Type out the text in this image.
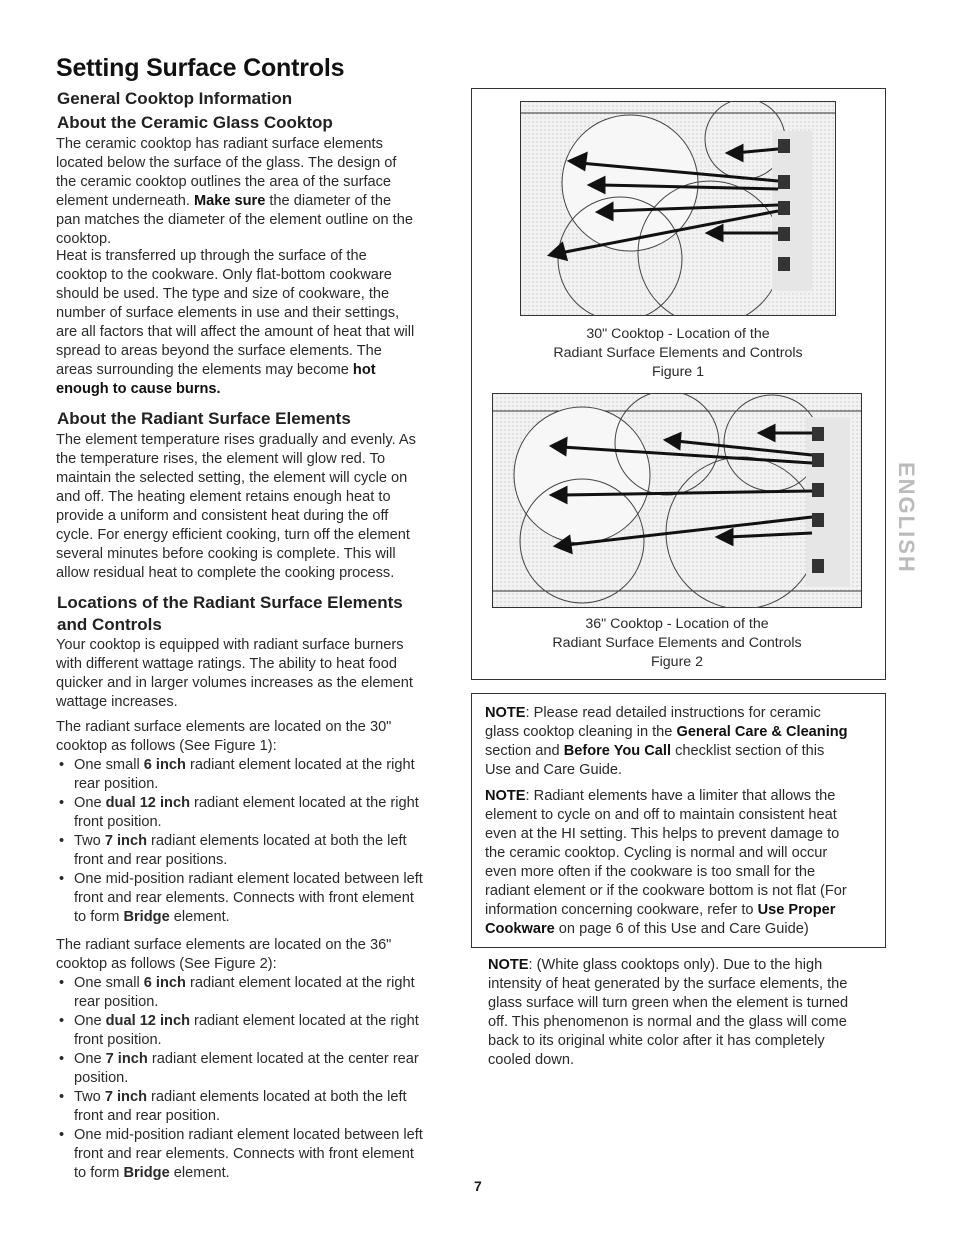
Setting Surface Controls
General Cooktop Information
About the Ceramic Glass Cooktop
The ceramic cooktop has radiant surface elements
located below the surface of the glass. The design of
the ceramic cooktop outlines the area of the surface
element underneath. Make sure the diameter of the
pan matches the diameter of the element outline on the
cooktop.
Heat is transferred up through the surface of the
cooktop to the cookware. Only flat-bottom cookware
should be used. The type and size of cookware, the
number of surface elements in use and their settings,
are all factors that will affect the amount of heat that will
spread to areas beyond the surface elements. The
areas surrounding the elements may become hot
enough to cause burns.
About the Radiant Surface Elements
The element temperature rises gradually and evenly. As
the temperature rises, the element will glow red. To
maintain the selected setting, the element will cycle on
and off. The heating element retains enough heat to
provide a uniform and consistent heat during the off
cycle. For energy efficient cooking, turn off the element
several minutes before cooking is complete. This will
allow residual heat to complete the cooking process.
Locations of the Radiant Surface Elements
and Controls
Your cooktop is equipped with radiant surface burners
with different wattage ratings. The ability to heat food
quicker and in larger volumes increases as the element
wattage increases.
The radiant surface elements are located on the 30"
cooktop as follows (See Figure 1):
• One small 6 inch radiant element located at the right
rear position.
• One dual 12 inch radiant element located at the right
front position.
• Two 7 inch radiant elements located at both the left
front and rear positions.
• One mid-position radiant element located between left
front and rear elements. Connects with front element
to form Bridge element.
The radiant surface elements are located on the 36"
cooktop as follows (See Figure 2):
• One small 6 inch radiant element located at the right
rear position.
• One dual 12 inch radiant element located at the right
front position.
• One 7 inch radiant element located at the center rear
position.
• Two 7 inch radiant elements located at both the left
front and rear position.
• One mid-position radiant element located between left
front and rear elements. Connects with front element
to form Bridge element.
30" Cooktop - Location of the
Radiant Surface Elements and Controls
Figure 1
36" Cooktop - Location of the
Radiant Surface Elements and Controls
Figure 2
NOTE: Please read detailed instructions for ceramic
glass cooktop cleaning in the General Care & Cleaning
section and Before You Call checklist section of this
Use and Care Guide.
NOTE: Radiant elements have a limiter that allows the
element to cycle on and off to maintain consistent heat
even at the HI setting. This helps to prevent damage to
the ceramic cooktop. Cycling is normal and will occur
even more often if the cookware is too small for the
radiant element or if the cookware bottom is not flat (For
information concerning cookware, refer to Use Proper
Cookware on page 6 of this Use and Care Guide)
NOTE: (White glass cooktops only). Due to the high
intensity of heat generated by the surface elements, the
glass surface will turn green when the element is turned
off. This phenomenon is normal and the glass will come
back to its original white color after it has completely
cooled down.
ENGLISH
7
